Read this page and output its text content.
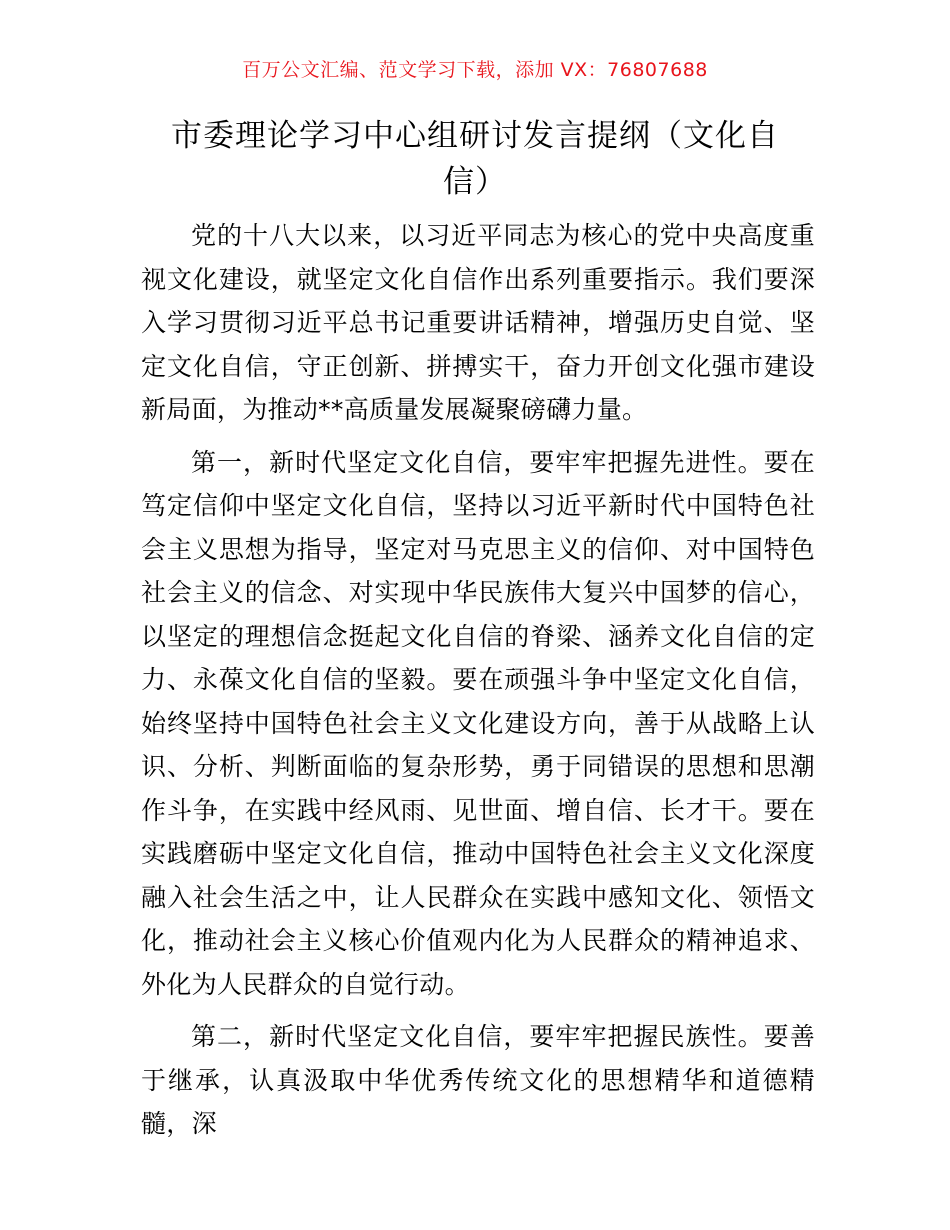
百万公文汇编、范文学习下载，添加 VX：76807688
市委理论学习中心组研讨发言提纲（文化自信）

党的十八大以来，以习近平同志为核心的党中央高度重视文化建设，就坚定文化自信作出系列重要指示。我们要深入学习贯彻习近平总书记重要讲话精神，增强历史自觉、坚定文化自信，守正创新、拼搏实干，奋力开创文化强市建设新局面，为推动**高质量发展凝聚磅礴力量。

第一，新时代坚定文化自信，要牢牢把握先进性。要在笃定信仰中坚定文化自信，坚持以习近平新时代中国特色社会主义思想为指导，坚定对马克思主义的信仰、对中国特色社会主义的信念、对实现中华民族伟大复兴中国梦的信心，以坚定的理想信念挺起文化自信的脊梁、涵养文化自信的定力、永葆文化自信的坚毅。要在顽强斗争中坚定文化自信，始终坚持中国特色社会主义文化建设方向，善于从战略上认识、分析、判断面临的复杂形势，勇于同错误的思想和思潮作斗争，在实践中经风雨、见世面、增自信、长才干。要在实践磨砺中坚定文化自信，推动中国特色社会主义文化深度融入社会生活之中，让人民群众在实践中感知文化、领悟文化，推动社会主义核心价值观内化为人民群众的精神追求、外化为人民群众的自觉行动。

第二，新时代坚定文化自信，要牢牢把握民族性。要善于继承，认真汲取中华优秀传统文化的思想精华和道德精髓，深
